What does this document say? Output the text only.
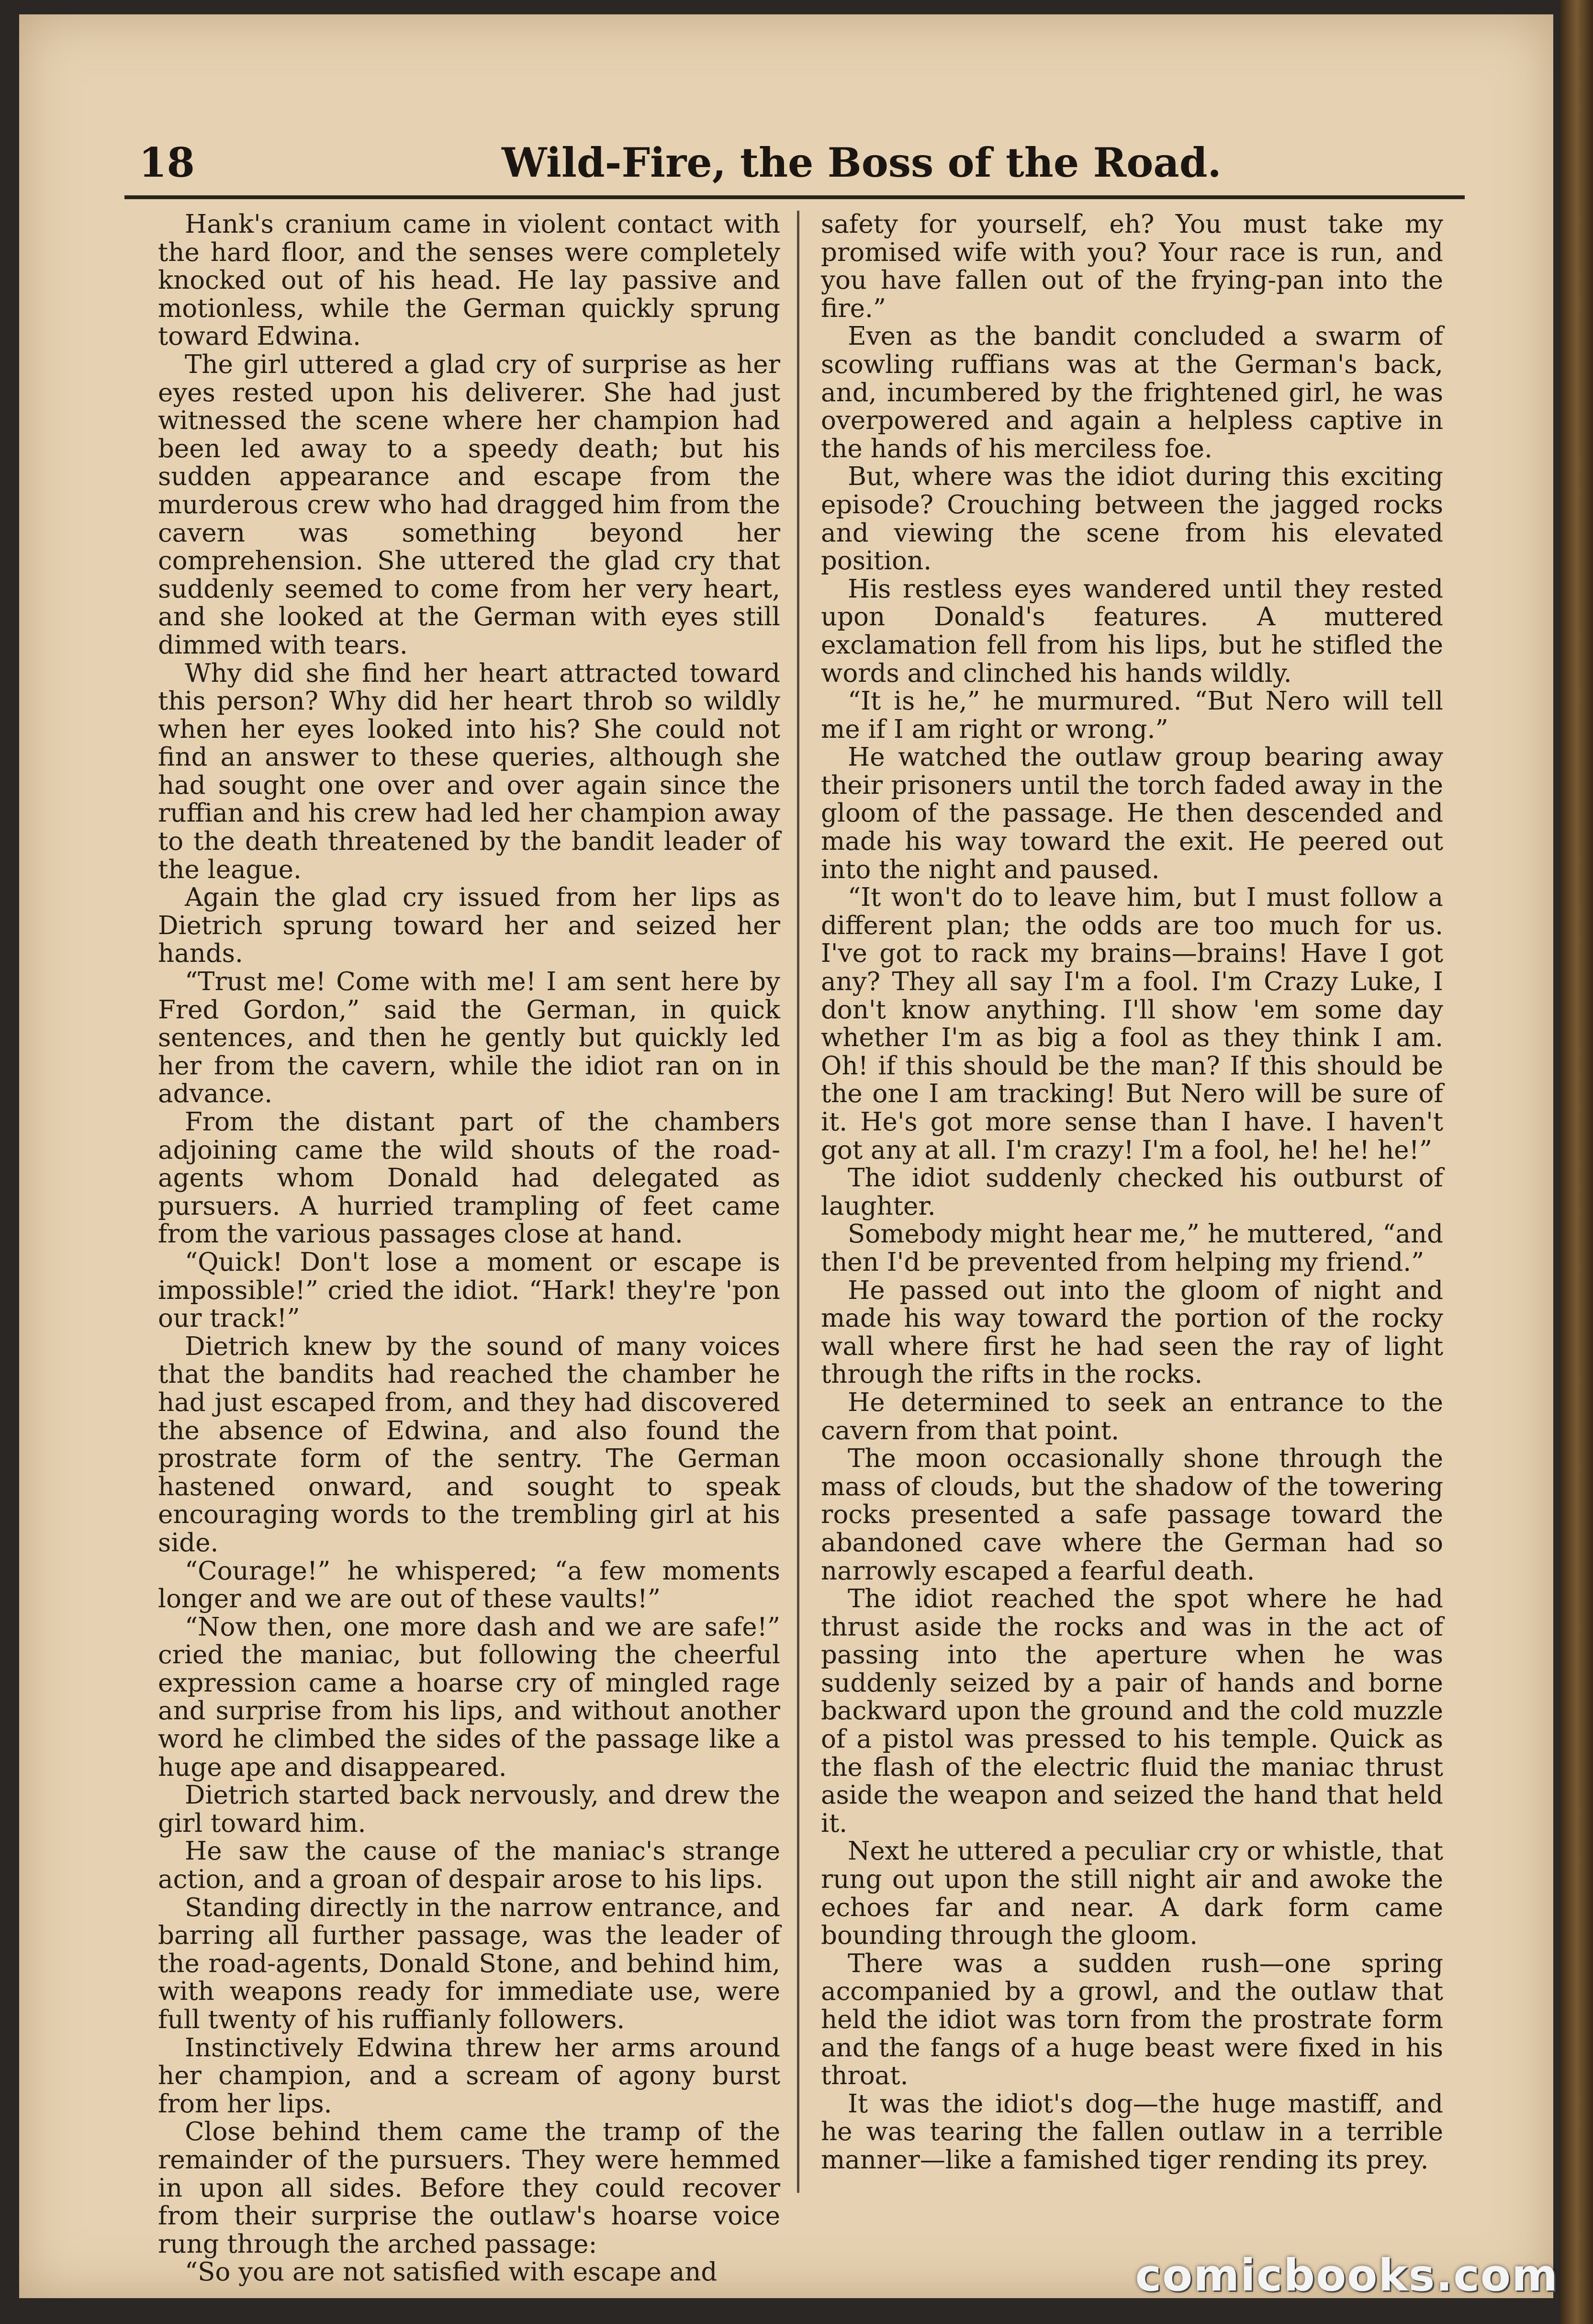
18	Wild-Fire, the Boss of the Road.

Hank's cranium came in violent contact with the hard floor, and the senses were completely knocked out of his head. He lay passive and motionless, while the German quickly sprung toward Edwina.

The girl uttered a glad cry of surprise as her eyes rested upon his deliverer. She had just witnessed the scene where her champion had been led away to a speedy death; but his sudden appearance and escape from the murderous crew who had dragged him from the cavern was something beyond her comprehension. She uttered the glad cry that suddenly seemed to come from her very heart, and she looked at the German with eyes still dimmed with tears.

Why did she find her heart attracted toward this person? Why did her heart throb so wildly when her eyes looked into his? She could not find an answer to these queries, although she had sought one over and over again since the ruffian and his crew had led her champion away to the death threatened by the bandit leader of the league.

Again the glad cry issued from her lips as Dietrich sprung toward her and seized her hands.

“Trust me! Come with me! I am sent here by Fred Gordon,” said the German, in quick sentences, and then he gently but quickly led her from the cavern, while the idiot ran on in advance.

From the distant part of the chambers adjoining came the wild shouts of the road-agents whom Donald had delegated as pursuers. A hurried trampling of feet came from the various passages close at hand.

“Quick! Don't lose a moment or escape is impossible!” cried the idiot. “Hark! they're 'pon our track!”

Dietrich knew by the sound of many voices that the bandits had reached the chamber he had just escaped from, and they had discovered the absence of Edwina, and also found the prostrate form of the sentry. The German hastened onward, and sought to speak encouraging words to the trembling girl at his side.

“Courage!” he whispered; “a few moments longer and we are out of these vaults!”

“Now then, one more dash and we are safe!” cried the maniac, but following the cheerful expression came a hoarse cry of mingled rage and surprise from his lips, and without another word he climbed the sides of the passage like a huge ape and disappeared.

Dietrich started back nervously, and drew the girl toward him.

He saw the cause of the maniac's strange action, and a groan of despair arose to his lips.

Standing directly in the narrow entrance, and barring all further passage, was the leader of the road-agents, Donald Stone, and behind him, with weapons ready for immediate use, were full twenty of his ruffianly followers.

Instinctively Edwina threw her arms around her champion, and a scream of agony burst from her lips.

Close behind them came the tramp of the remainder of the pursuers. They were hemmed in upon all sides. Before they could recover from their surprise the outlaw's hoarse voice rung through the arched passage:

“So you are not satisfied with escape and

safety for yourself, eh? You must take my promised wife with you? Your race is run, and you have fallen out of the frying-pan into the fire.”

Even as the bandit concluded a swarm of scowling ruffians was at the German's back, and, incumbered by the frightened girl, he was overpowered and again a helpless captive in the hands of his merciless foe.

But, where was the idiot during this exciting episode? Crouching between the jagged rocks and viewing the scene from his elevated position.

His restless eyes wandered until they rested upon Donald's features. A muttered exclamation fell from his lips, but he stifled the words and clinched his hands wildly.

“It is he,” he murmured. “But Nero will tell me if I am right or wrong.”

He watched the outlaw group bearing away their prisoners until the torch faded away in the gloom of the passage. He then descended and made his way toward the exit. He peered out into the night and paused.

“It won't do to leave him, but I must follow a different plan; the odds are too much for us. I've got to rack my brains—brains! Have I got any? They all say I'm a fool. I'm Crazy Luke, I don't know anything. I'll show 'em some day whether I'm as big a fool as they think I am. Oh! if this should be the man? If this should be the one I am tracking! But Nero will be sure of it. He's got more sense than I have. I haven't got any at all. I'm crazy! I'm a fool, he! he! he!”

The idiot suddenly checked his outburst of laughter.

Somebody might hear me,” he muttered, “and then I'd be prevented from helping my friend.”

He passed out into the gloom of night and made his way toward the portion of the rocky wall where first he had seen the ray of light through the rifts in the rocks.

He determined to seek an entrance to the cavern from that point.

The moon occasionally shone through the mass of clouds, but the shadow of the towering rocks presented a safe passage toward the abandoned cave where the German had so narrowly escaped a fearful death.

The idiot reached the spot where he had thrust aside the rocks and was in the act of passing into the aperture when he was suddenly seized by a pair of hands and borne backward upon the ground and the cold muzzle of a pistol was pressed to his temple. Quick as the flash of the electric fluid the maniac thrust aside the weapon and seized the hand that held it.

Next he uttered a peculiar cry or whistle, that rung out upon the still night air and awoke the echoes far and near. A dark form came bounding through the gloom.

There was a sudden rush—one spring accompanied by a growl, and the outlaw that held the idiot was torn from the prostrate form and the fangs of a huge beast were fixed in his throat.

It was the idiot's dog—the huge mastiff, and he was tearing the fallen outlaw in a terrible manner—like a famished tiger rending its prey.

comicbooks.com
